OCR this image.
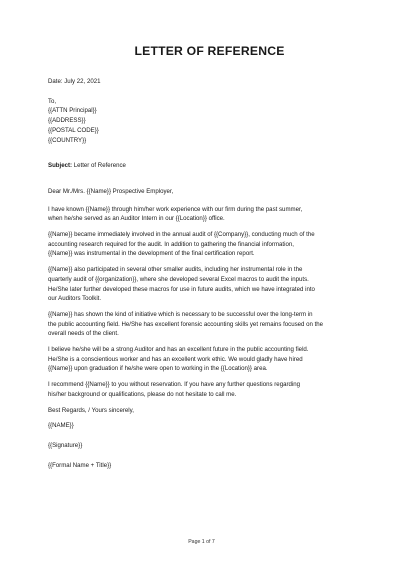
LETTER OF REFERENCE
Date: July 22, 2021
To,
{{ATTN Principal}}
{{ADDRESS}}
{{POSTAL CODE}}
{{COUNTRY}}
Subject: Letter of Reference
Dear Mr./Mrs. {{Name}} Prospective Employer,
I have known {{Name}} through him/her work experience with our firm during the past summer,
when he/she served as an Auditor Intern in our {{Location}} office.
{{Name}} became immediately involved in the annual audit of {{Company}}, conducting much of the
accounting research required for the audit. In addition to gathering the financial information,
{{Name}} was instrumental in the development of the final certification report.
{{Name}} also participated in several other smaller audits, including her instrumental role in the
quarterly audit of {{organization}}, where she developed several Excel macros to audit the inputs.
He/She later further developed these macros for use in future audits, which we have integrated into
our Auditors Toolkit.
{{Name}} has shown the kind of initiative which is necessary to be successful over the long-term in
the public accounting field. He/She has excellent forensic accounting skills yet remains focused on the
overall needs of the client.
I believe he/she will be a strong Auditor and has an excellent future in the public accounting field.
He/She is a conscientious worker and has an excellent work ethic. We would gladly have hired
{{Name}} upon graduation if he/she were open to working in the {{Location}} area.
I recommend {{Name}} to you without reservation. If you have any further questions regarding
his/her background or qualifications, please do not hesitate to call me.
Best Regards, / Yours sincerely,
{{NAME}}
{{Signature}}
{{Formal Name + Title}}
Page 1 of 7
